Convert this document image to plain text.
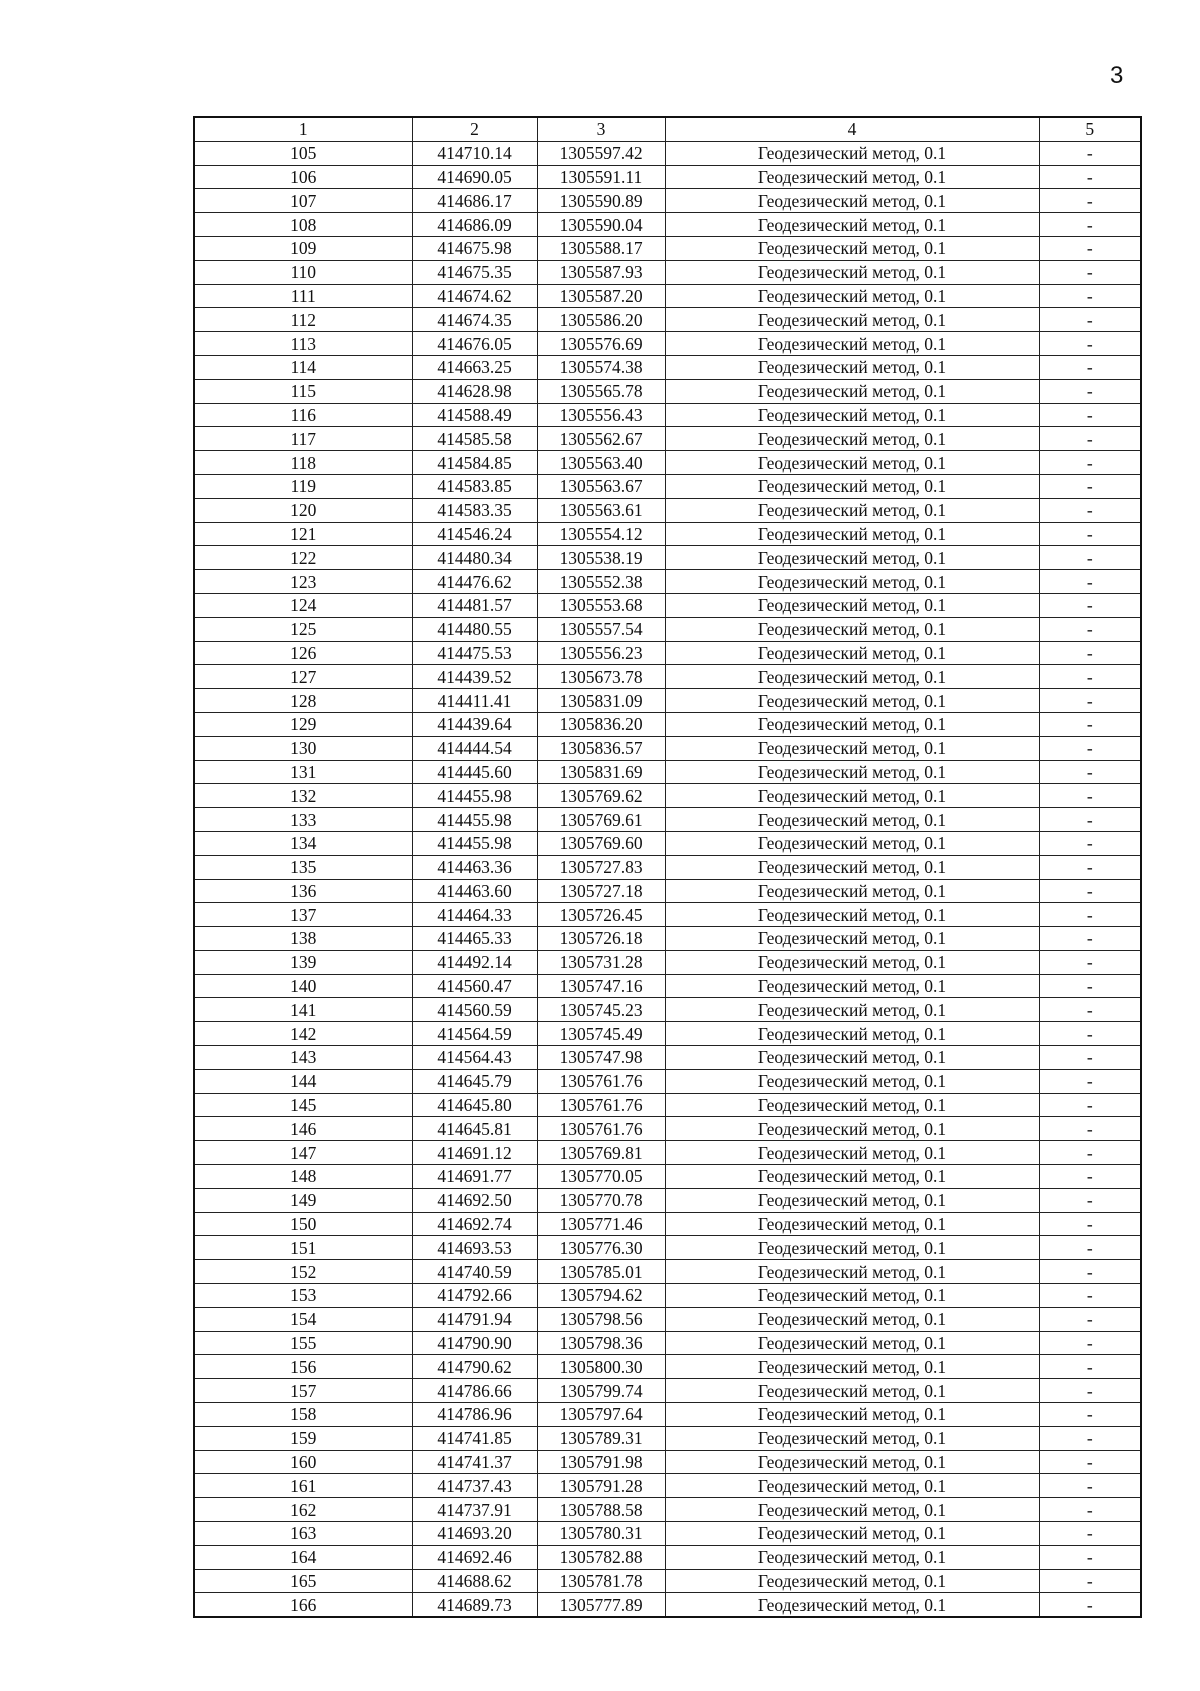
3
1	2	3	4	5
105	414710.14	1305597.42	Геодезический метод, 0.1	-
106	414690.05	1305591.11	Геодезический метод, 0.1	-
107	414686.17	1305590.89	Геодезический метод, 0.1	-
108	414686.09	1305590.04	Геодезический метод, 0.1	-
109	414675.98	1305588.17	Геодезический метод, 0.1	-
110	414675.35	1305587.93	Геодезический метод, 0.1	-
111	414674.62	1305587.20	Геодезический метод, 0.1	-
112	414674.35	1305586.20	Геодезический метод, 0.1	-
113	414676.05	1305576.69	Геодезический метод, 0.1	-
114	414663.25	1305574.38	Геодезический метод, 0.1	-
115	414628.98	1305565.78	Геодезический метод, 0.1	-
116	414588.49	1305556.43	Геодезический метод, 0.1	-
117	414585.58	1305562.67	Геодезический метод, 0.1	-
118	414584.85	1305563.40	Геодезический метод, 0.1	-
119	414583.85	1305563.67	Геодезический метод, 0.1	-
120	414583.35	1305563.61	Геодезический метод, 0.1	-
121	414546.24	1305554.12	Геодезический метод, 0.1	-
122	414480.34	1305538.19	Геодезический метод, 0.1	-
123	414476.62	1305552.38	Геодезический метод, 0.1	-
124	414481.57	1305553.68	Геодезический метод, 0.1	-
125	414480.55	1305557.54	Геодезический метод, 0.1	-
126	414475.53	1305556.23	Геодезический метод, 0.1	-
127	414439.52	1305673.78	Геодезический метод, 0.1	-
128	414411.41	1305831.09	Геодезический метод, 0.1	-
129	414439.64	1305836.20	Геодезический метод, 0.1	-
130	414444.54	1305836.57	Геодезический метод, 0.1	-
131	414445.60	1305831.69	Геодезический метод, 0.1	-
132	414455.98	1305769.62	Геодезический метод, 0.1	-
133	414455.98	1305769.61	Геодезический метод, 0.1	-
134	414455.98	1305769.60	Геодезический метод, 0.1	-
135	414463.36	1305727.83	Геодезический метод, 0.1	-
136	414463.60	1305727.18	Геодезический метод, 0.1	-
137	414464.33	1305726.45	Геодезический метод, 0.1	-
138	414465.33	1305726.18	Геодезический метод, 0.1	-
139	414492.14	1305731.28	Геодезический метод, 0.1	-
140	414560.47	1305747.16	Геодезический метод, 0.1	-
141	414560.59	1305745.23	Геодезический метод, 0.1	-
142	414564.59	1305745.49	Геодезический метод, 0.1	-
143	414564.43	1305747.98	Геодезический метод, 0.1	-
144	414645.79	1305761.76	Геодезический метод, 0.1	-
145	414645.80	1305761.76	Геодезический метод, 0.1	-
146	414645.81	1305761.76	Геодезический метод, 0.1	-
147	414691.12	1305769.81	Геодезический метод, 0.1	-
148	414691.77	1305770.05	Геодезический метод, 0.1	-
149	414692.50	1305770.78	Геодезический метод, 0.1	-
150	414692.74	1305771.46	Геодезический метод, 0.1	-
151	414693.53	1305776.30	Геодезический метод, 0.1	-
152	414740.59	1305785.01	Геодезический метод, 0.1	-
153	414792.66	1305794.62	Геодезический метод, 0.1	-
154	414791.94	1305798.56	Геодезический метод, 0.1	-
155	414790.90	1305798.36	Геодезический метод, 0.1	-
156	414790.62	1305800.30	Геодезический метод, 0.1	-
157	414786.66	1305799.74	Геодезический метод, 0.1	-
158	414786.96	1305797.64	Геодезический метод, 0.1	-
159	414741.85	1305789.31	Геодезический метод, 0.1	-
160	414741.37	1305791.98	Геодезический метод, 0.1	-
161	414737.43	1305791.28	Геодезический метод, 0.1	-
162	414737.91	1305788.58	Геодезический метод, 0.1	-
163	414693.20	1305780.31	Геодезический метод, 0.1	-
164	414692.46	1305782.88	Геодезический метод, 0.1	-
165	414688.62	1305781.78	Геодезический метод, 0.1	-
166	414689.73	1305777.89	Геодезический метод, 0.1	-
